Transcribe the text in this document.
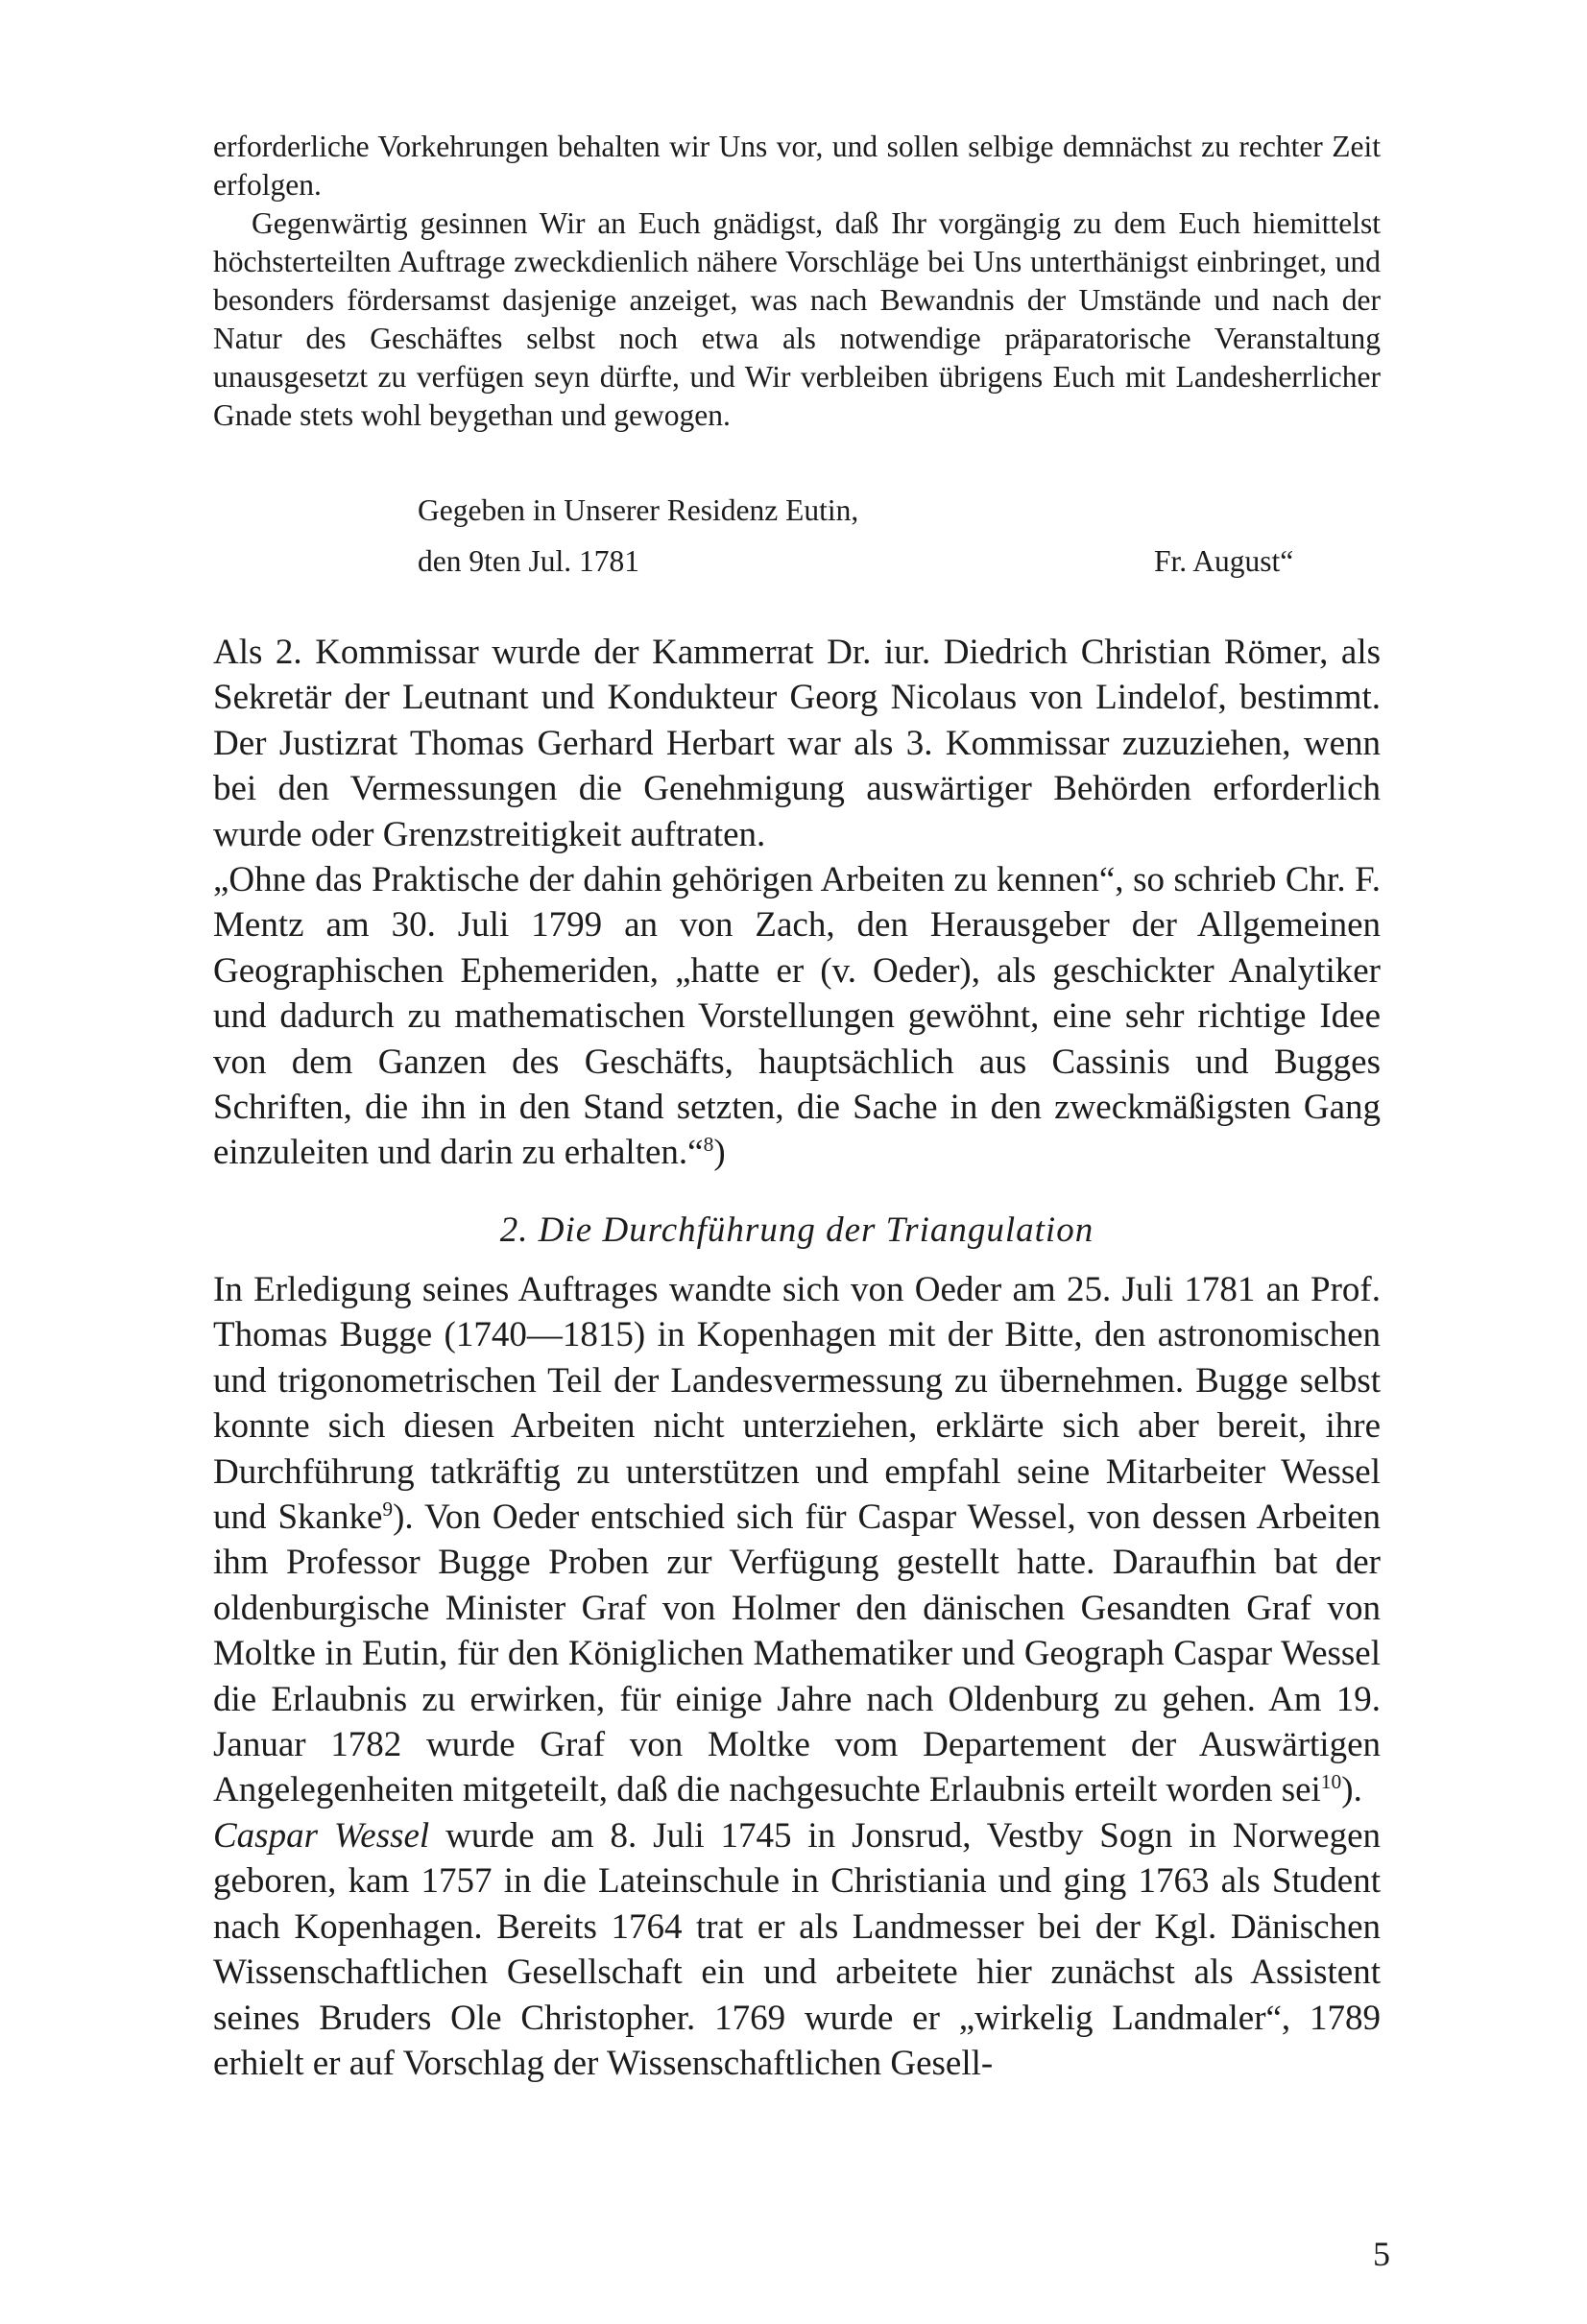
erforderliche Vorkehrungen behalten wir Uns vor, und sollen selbige demnächst zu rechter Zeit erfolgen.

Gegenwärtig gesinnen Wir an Euch gnädigst, daß Ihr vorgängig zu dem Euch hiemittelst höchsterteilten Auftrage zweckdienlich nähere Vorschläge bei Uns unterthänigst einbringet, und besonders fördersamst dasjenige anzeiget, was nach Bewandnis der Umstände und nach der Natur des Geschäftes selbst noch etwa als notwendige präparatorische Veranstaltung unausgesetzt zu verfügen seyn dürfte, und Wir verbleiben übrigens Euch mit Landesherrlicher Gnade stets wohl beygethan und gewogen.

Gegeben in Unserer Residenz Eutin,
den 9ten Jul. 1781	Fr. August“

Als 2. Kommissar wurde der Kammerrat Dr. iur. Diedrich Christian Römer, als Sekretär der Leutnant und Kondukteur Georg Nicolaus von Lindelof, bestimmt. Der Justizrat Thomas Gerhard Herbart war als 3. Kommissar zuzuziehen, wenn bei den Vermessungen die Genehmigung auswärtiger Behörden erforderlich wurde oder Grenzstreitigkeit auftraten.

„Ohne das Praktische der dahin gehörigen Arbeiten zu kennen“, so schrieb Chr. F. Mentz am 30. Juli 1799 an von Zach, den Herausgeber der Allgemeinen Geographischen Ephemeriden, „hatte er (v. Oeder), als geschickter Analytiker und dadurch zu mathematischen Vorstellungen gewöhnt, eine sehr richtige Idee von dem Ganzen des Geschäfts, hauptsächlich aus Cassinis und Bugges Schriften, die ihn in den Stand setzten, die Sache in den zweckmäßigsten Gang einzuleiten und darin zu erhalten.“$^8$)

2. Die Durchführung der Triangulation

In Erledigung seines Auftrages wandte sich von Oeder am 25. Juli 1781 an Prof. Thomas Bugge (1740—1815) in Kopenhagen mit der Bitte, den astronomischen und trigonometrischen Teil der Landesvermessung zu übernehmen. Bugge selbst konnte sich diesen Arbeiten nicht unterziehen, erklärte sich aber bereit, ihre Durchführung tatkräftig zu unterstützen und empfahl seine Mitarbeiter Wessel und Skanke$^9$). Von Oeder entschied sich für Caspar Wessel, von dessen Arbeiten ihm Professor Bugge Proben zur Verfügung gestellt hatte. Daraufhin bat der oldenburgische Minister Graf von Holmer den dänischen Gesandten Graf von Moltke in Eutin, für den Königlichen Mathematiker und Geograph Caspar Wessel die Erlaubnis zu erwirken, für einige Jahre nach Oldenburg zu gehen. Am 19. Januar 1782 wurde Graf von Moltke vom Departement der Auswärtigen Angelegenheiten mitgeteilt, daß die nachgesuchte Erlaubnis erteilt worden sei$^{10}$).

Caspar Wessel wurde am 8. Juli 1745 in Jonsrud, Vestby Sogn in Norwegen geboren, kam 1757 in die Lateinschule in Christiania und ging 1763 als Student nach Kopenhagen. Bereits 1764 trat er als Landmesser bei der Kgl. Dänischen Wissenschaftlichen Gesellschaft ein und arbeitete hier zunächst als Assistent seines Bruders Ole Christopher. 1769 wurde er „wirkelig Landmaler“, 1789 erhielt er auf Vorschlag der Wissenschaftlichen Gesell-

5
